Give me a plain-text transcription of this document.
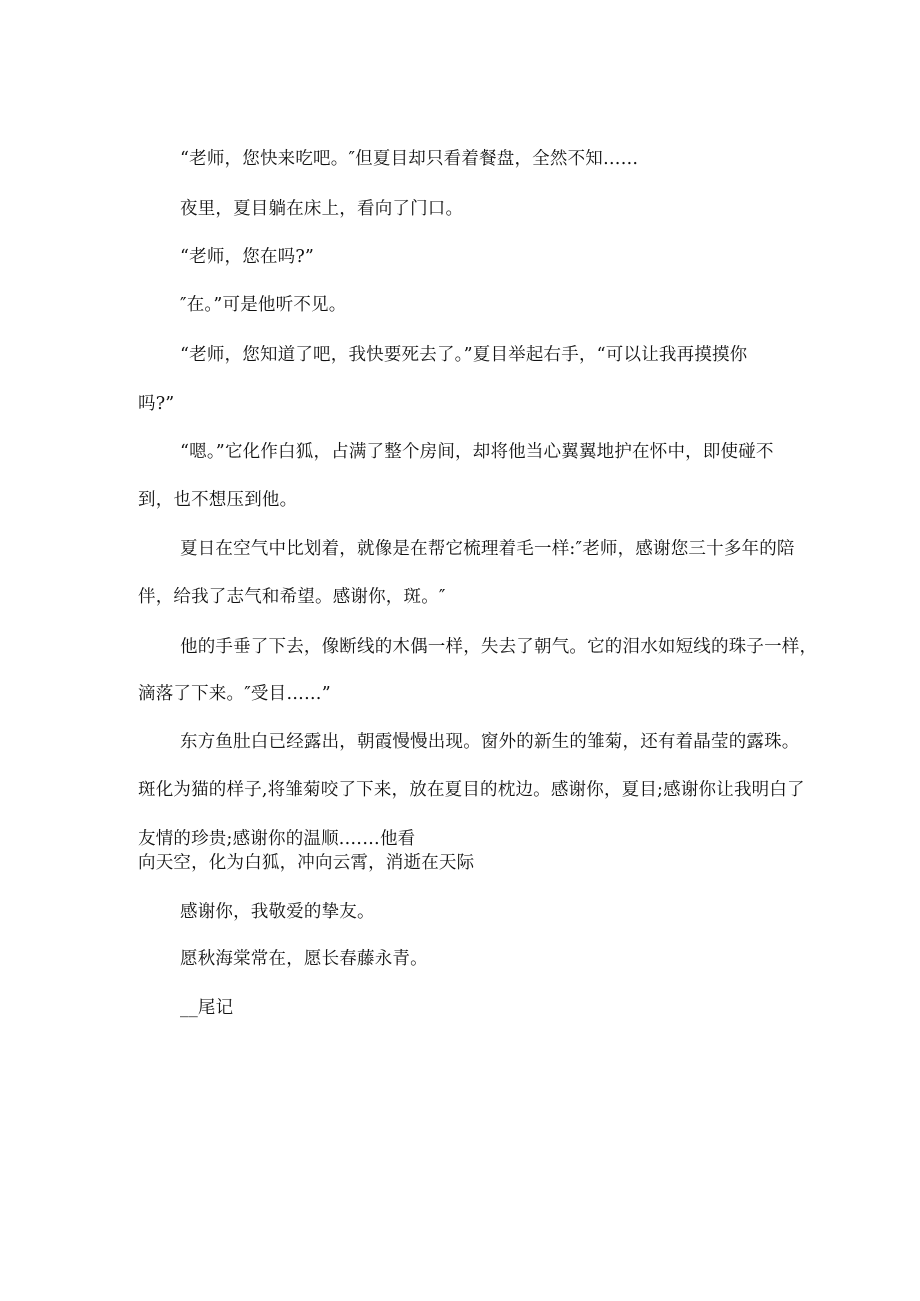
“老师，您快来吃吧。″但夏目却只看着餐盘，全然不知……
夜里，夏目躺在床上，看向了门口。
“老师，您在吗?”
″在。”可是他听不见。
“老师，您知道了吧，我快要死去了。”夏目举起右手，“可以让我再摸摸你
吗?”
“嗯。”它化作白狐，占满了整个房间，却将他当心翼翼地护在怀中，即使碰不
到，也不想压到他。
夏日在空气中比划着，就像是在帮它梳理着毛一样:″老师，感谢您三十多年的陪
伴，给我了志气和希望。感谢你，斑。″
他的手垂了下去，像断线的木偶一样，失去了朝气。它的泪水如短线的珠子一样，
滴落了下来。″受目……”
东方鱼肚白已经露出，朝霞慢慢出现。窗外的新生的雏菊，还有着晶莹的露珠。
斑化为猫的样子,将雏菊咬了下来，放在夏目的枕边。感谢你，夏目;感谢你让我明白了
友情的珍贵;感谢你的温顺.……他看
向天空，化为白狐，冲向云霄，消逝在天际
感谢你，我敬爱的挚友。
愿秋海棠常在，愿长春藤永青。
__尾记
